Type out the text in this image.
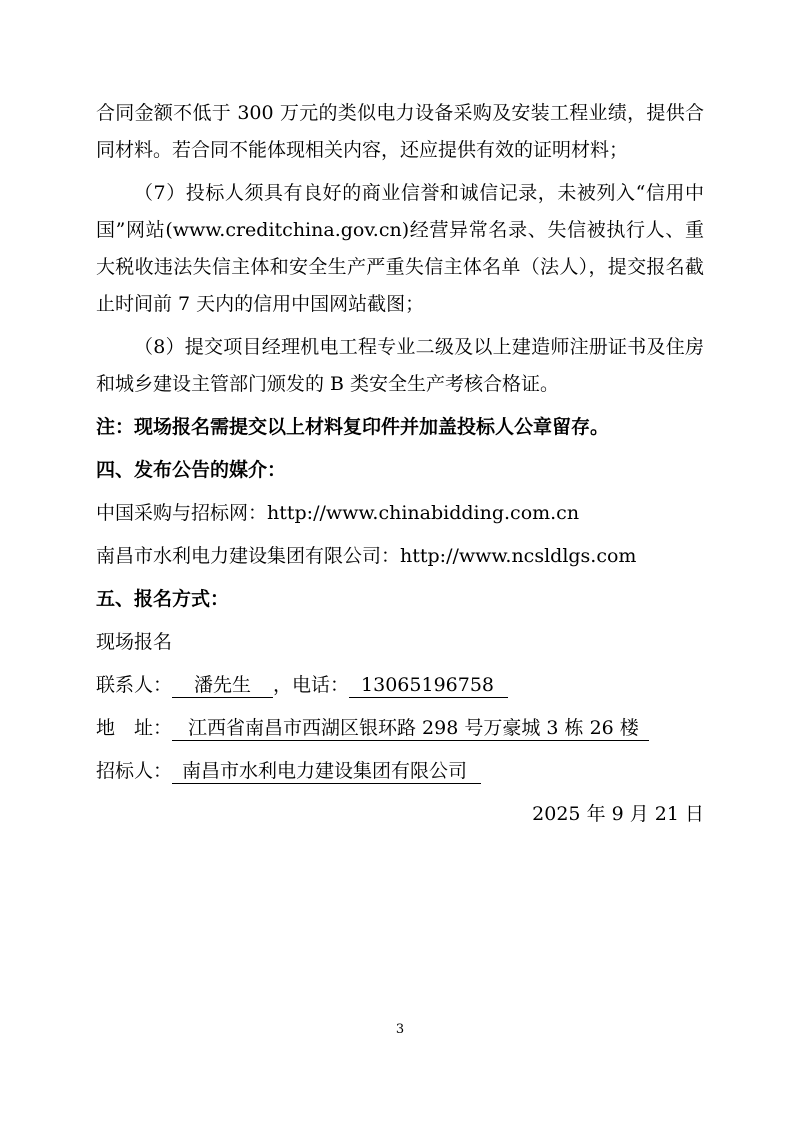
合同金额不低于 300 万元的类似电力设备采购及安装工程业绩，提供合同材料。若合同不能体现相关内容，还应提供有效的证明材料；

（7）投标人须具有良好的商业信誉和诚信记录，未被列入“信用中国”网站(www.creditchina.gov.cn)经营异常名录、失信被执行人、重大税收违法失信主体和安全生产严重失信主体名单（法人），提交报名截止时间前 7 天内的信用中国网站截图；

（8）提交项目经理机电工程专业二级及以上建造师注册证书及住房和城乡建设主管部门颁发的 B 类安全生产考核合格证。

注：现场报名需提交以上材料复印件并加盖投标人公章留存。

四、发布公告的媒介：

中国采购与招标网：http://www.chinabidding.com.cn

南昌市水利电力建设集团有限公司：http://www.ncsldlgs.com

五、报名方式：

现场报名

联系人： 潘先生 ，电话： 13065196758

地　址： 江西省南昌市西湖区银环路 298 号万豪城 3 栋 26 楼

招标人： 南昌市水利电力建设集团有限公司

2025 年 9 月 21 日

3
